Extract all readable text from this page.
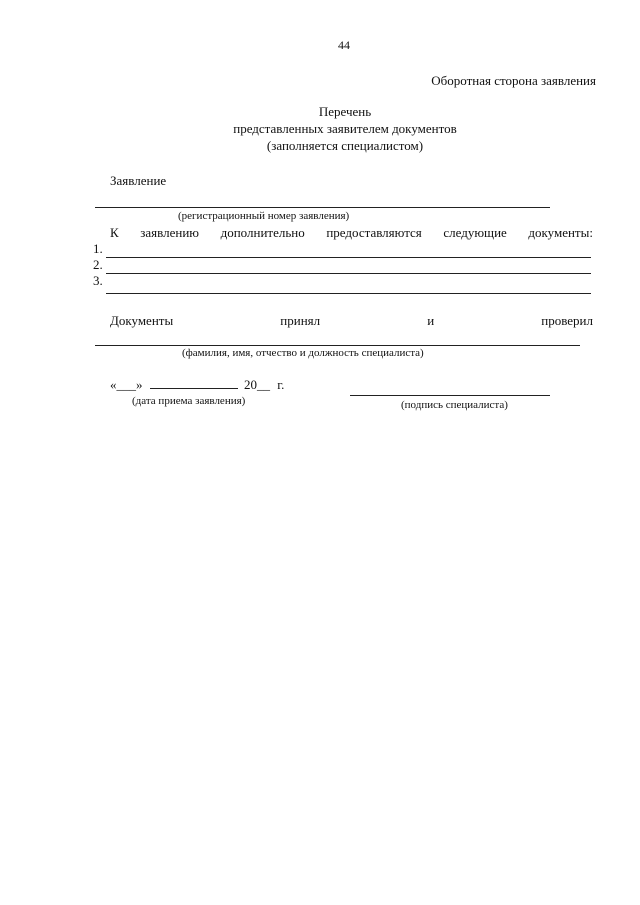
44
Оборотная сторона заявления
Перечень
представленных заявителем документов
(заполняется специалистом)
Заявление
(регистрационный номер заявления)
К заявлению дополнительно предоставляются следующие документы:
1.
2.
3.
Документы	принял	и	проверил
(фамилия, имя, отчество и должность специалиста)
«___»	20__ г.
(дата приема заявления)	(подпись специалиста)
